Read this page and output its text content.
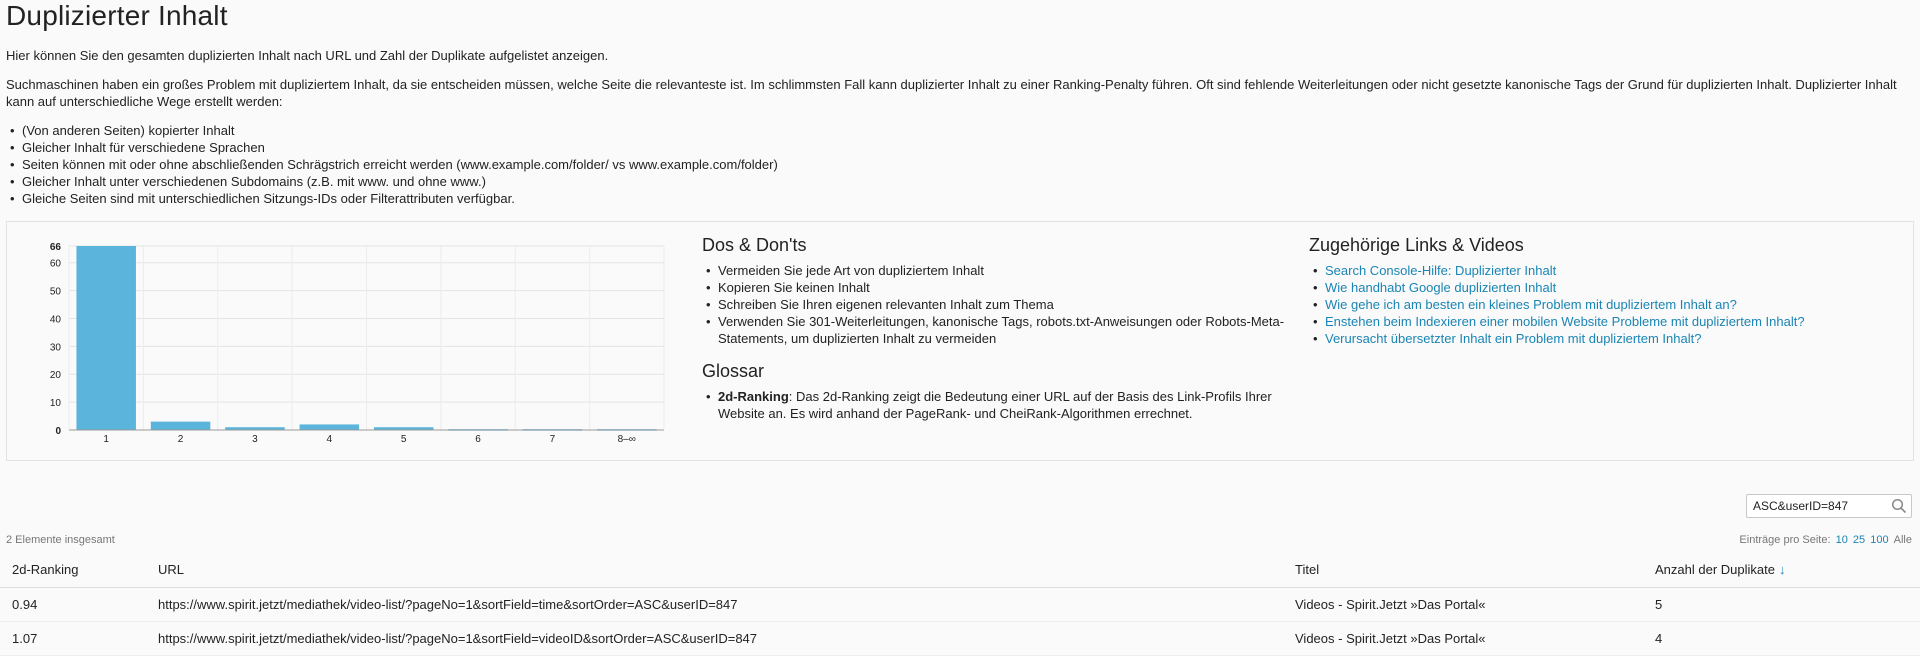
Duplizierter Inhalt

Hier können Sie den gesamten duplizierten Inhalt nach URL und Zahl der Duplikate aufgelistet anzeigen.

Suchmaschinen haben ein großes Problem mit dupliziertem Inhalt, da sie entscheiden müssen, welche Seite die relevanteste ist. Im schlimmsten Fall kann duplizierter Inhalt zu einer Ranking-Penalty führen. Oft sind fehlende Weiterleitungen oder nicht gesetzte kanonische Tags der Grund für duplizierten Inhalt. Duplizierter Inhalt kann auf unterschiedliche Wege erstellt werden:

• (Von anderen Seiten) kopierter Inhalt
• Gleicher Inhalt für verschiedene Sprachen
• Seiten können mit oder ohne abschließenden Schrägstrich erreicht werden (www.example.com/folder/ vs www.example.com/folder)
• Gleicher Inhalt unter verschiedenen Subdomains (z.B. mit www. und ohne www.)
• Gleiche Seiten sind mit unterschiedlichen Sitzungs-IDs oder Filterattributen verfügbar.
0
10
20
30
40
50
60
66
1	2	3	4	5	6	7	8–∞
Dos & Don'ts
• Vermeiden Sie jede Art von dupliziertem Inhalt
• Kopieren Sie keinen Inhalt
• Schreiben Sie Ihren eigenen relevanten Inhalt zum Thema
• Verwenden Sie 301-Weiterleitungen, kanonische Tags, robots.txt-Anweisungen oder Robots-Meta-Statements, um duplizierten Inhalt zu vermeiden
Glossar
• 2d-Ranking: Das 2d-Ranking zeigt die Bedeutung einer URL auf der Basis des Link-Profils Ihrer Website an. Es wird anhand der PageRank- und CheiRank-Algorithmen errechnet.
Zugehörige Links & Videos
• Search Console-Hilfe: Duplizierter Inhalt
• Wie handhabt Google duplizierten Inhalt
• Wie gehe ich am besten ein kleines Problem mit dupliziertem Inhalt an?
• Enstehen beim Indexieren einer mobilen Website Probleme mit dupliziertem Inhalt?
• Verursacht übersetzter Inhalt ein Problem mit dupliziertem Inhalt?
ASC&userID=847
2 Elemente insgesamt	Einträge pro Seite: 10 25 100 Alle
2d-Ranking	URL	Titel	Anzahl der Duplikate ↓
0.94	https://www.spirit.jetzt/mediathek/video-list/?pageNo=1&sortField=time&sortOrder=ASC&userID=847	Videos - Spirit.Jetzt »Das Portal«	5
1.07	https://www.spirit.jetzt/mediathek/video-list/?pageNo=1&sortField=videoID&sortOrder=ASC&userID=847	Videos - Spirit.Jetzt »Das Portal«	4
